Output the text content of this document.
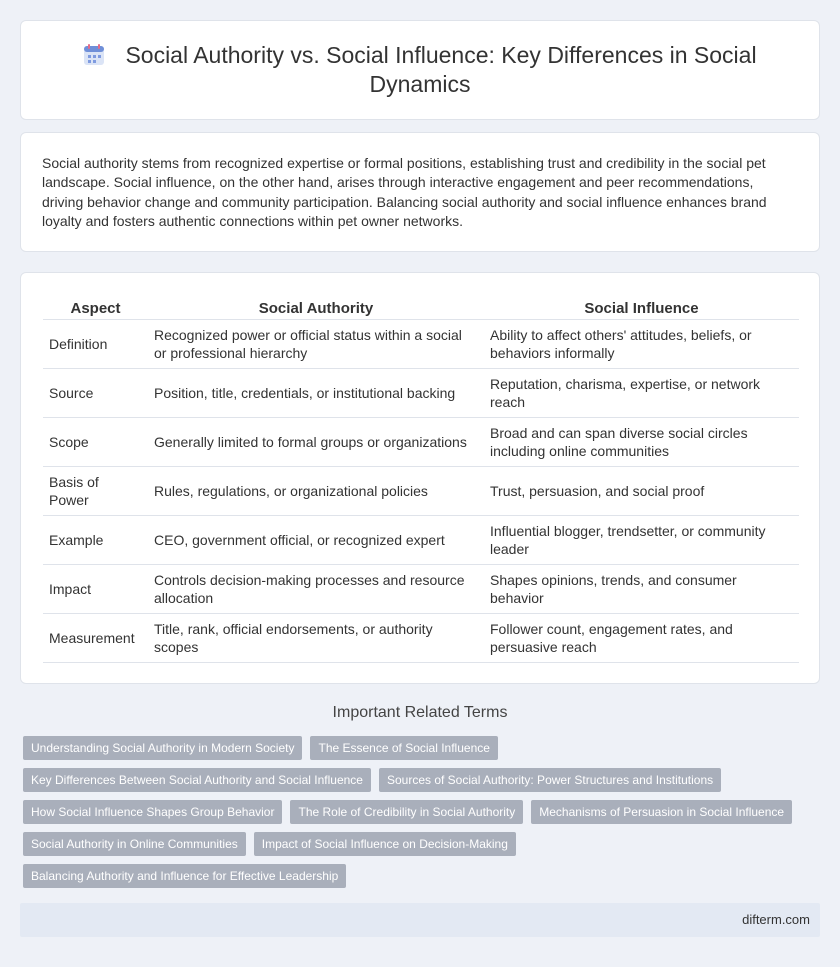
Social Authority vs. Social Influence: Key Differences in Social Dynamics

Social authority stems from recognized expertise or formal positions, establishing trust and credibility in the social pet landscape. Social influence, on the other hand, arises through interactive engagement and peer recommendations, driving behavior change and community participation. Balancing social authority and social influence enhances brand loyalty and fosters authentic connections within pet owner networks.

Aspect	Social Authority	Social Influence
Definition	Recognized power or official status within a social or professional hierarchy	Ability to affect others' attitudes, beliefs, or behaviors informally
Source	Position, title, credentials, or institutional backing	Reputation, charisma, expertise, or network reach
Scope	Generally limited to formal groups or organizations	Broad and can span diverse social circles including online communities
Basis of Power	Rules, regulations, or organizational policies	Trust, persuasion, and social proof
Example	CEO, government official, or recognized expert	Influential blogger, trendsetter, or community leader
Impact	Controls decision-making processes and resource allocation	Shapes opinions, trends, and consumer behavior
Measurement	Title, rank, official endorsements, or authority scopes	Follower count, engagement rates, and persuasive reach
Important Related Terms
Understanding Social Authority in Modern Society	The Essence of Social Influence
Key Differences Between Social Authority and Social Influence	Sources of Social Authority: Power Structures and Institutions
How Social Influence Shapes Group Behavior	The Role of Credibility in Social Authority	Mechanisms of Persuasion in Social Influence
Social Authority in Online Communities	Impact of Social Influence on Decision-Making
Balancing Authority and Influence for Effective Leadership
difterm.com
